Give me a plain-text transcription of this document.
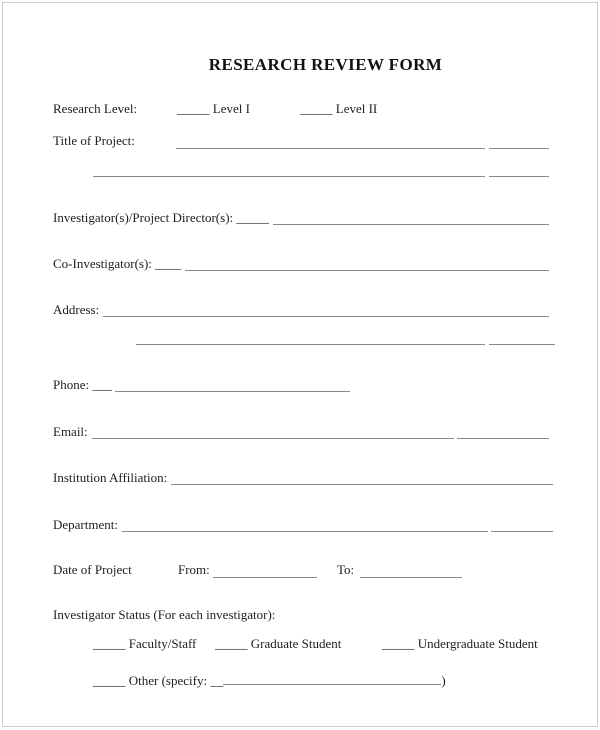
RESEARCH REVIEW FORM

Research Level:

	_____ Level I

	_____ Level II

Title of Project:

Investigator(s)/Project Director(s): _____
Co-Investigator(s): ____
Address:

Phone: ___
Email:
Institution Affiliation:
Department:

Date of Project

	From:

	To:

Investigator Status (For each investigator):

_____ Faculty/Staff

_____ Graduate Student

	_____ Undergraduate Student

_____ Other (specify: __	)
